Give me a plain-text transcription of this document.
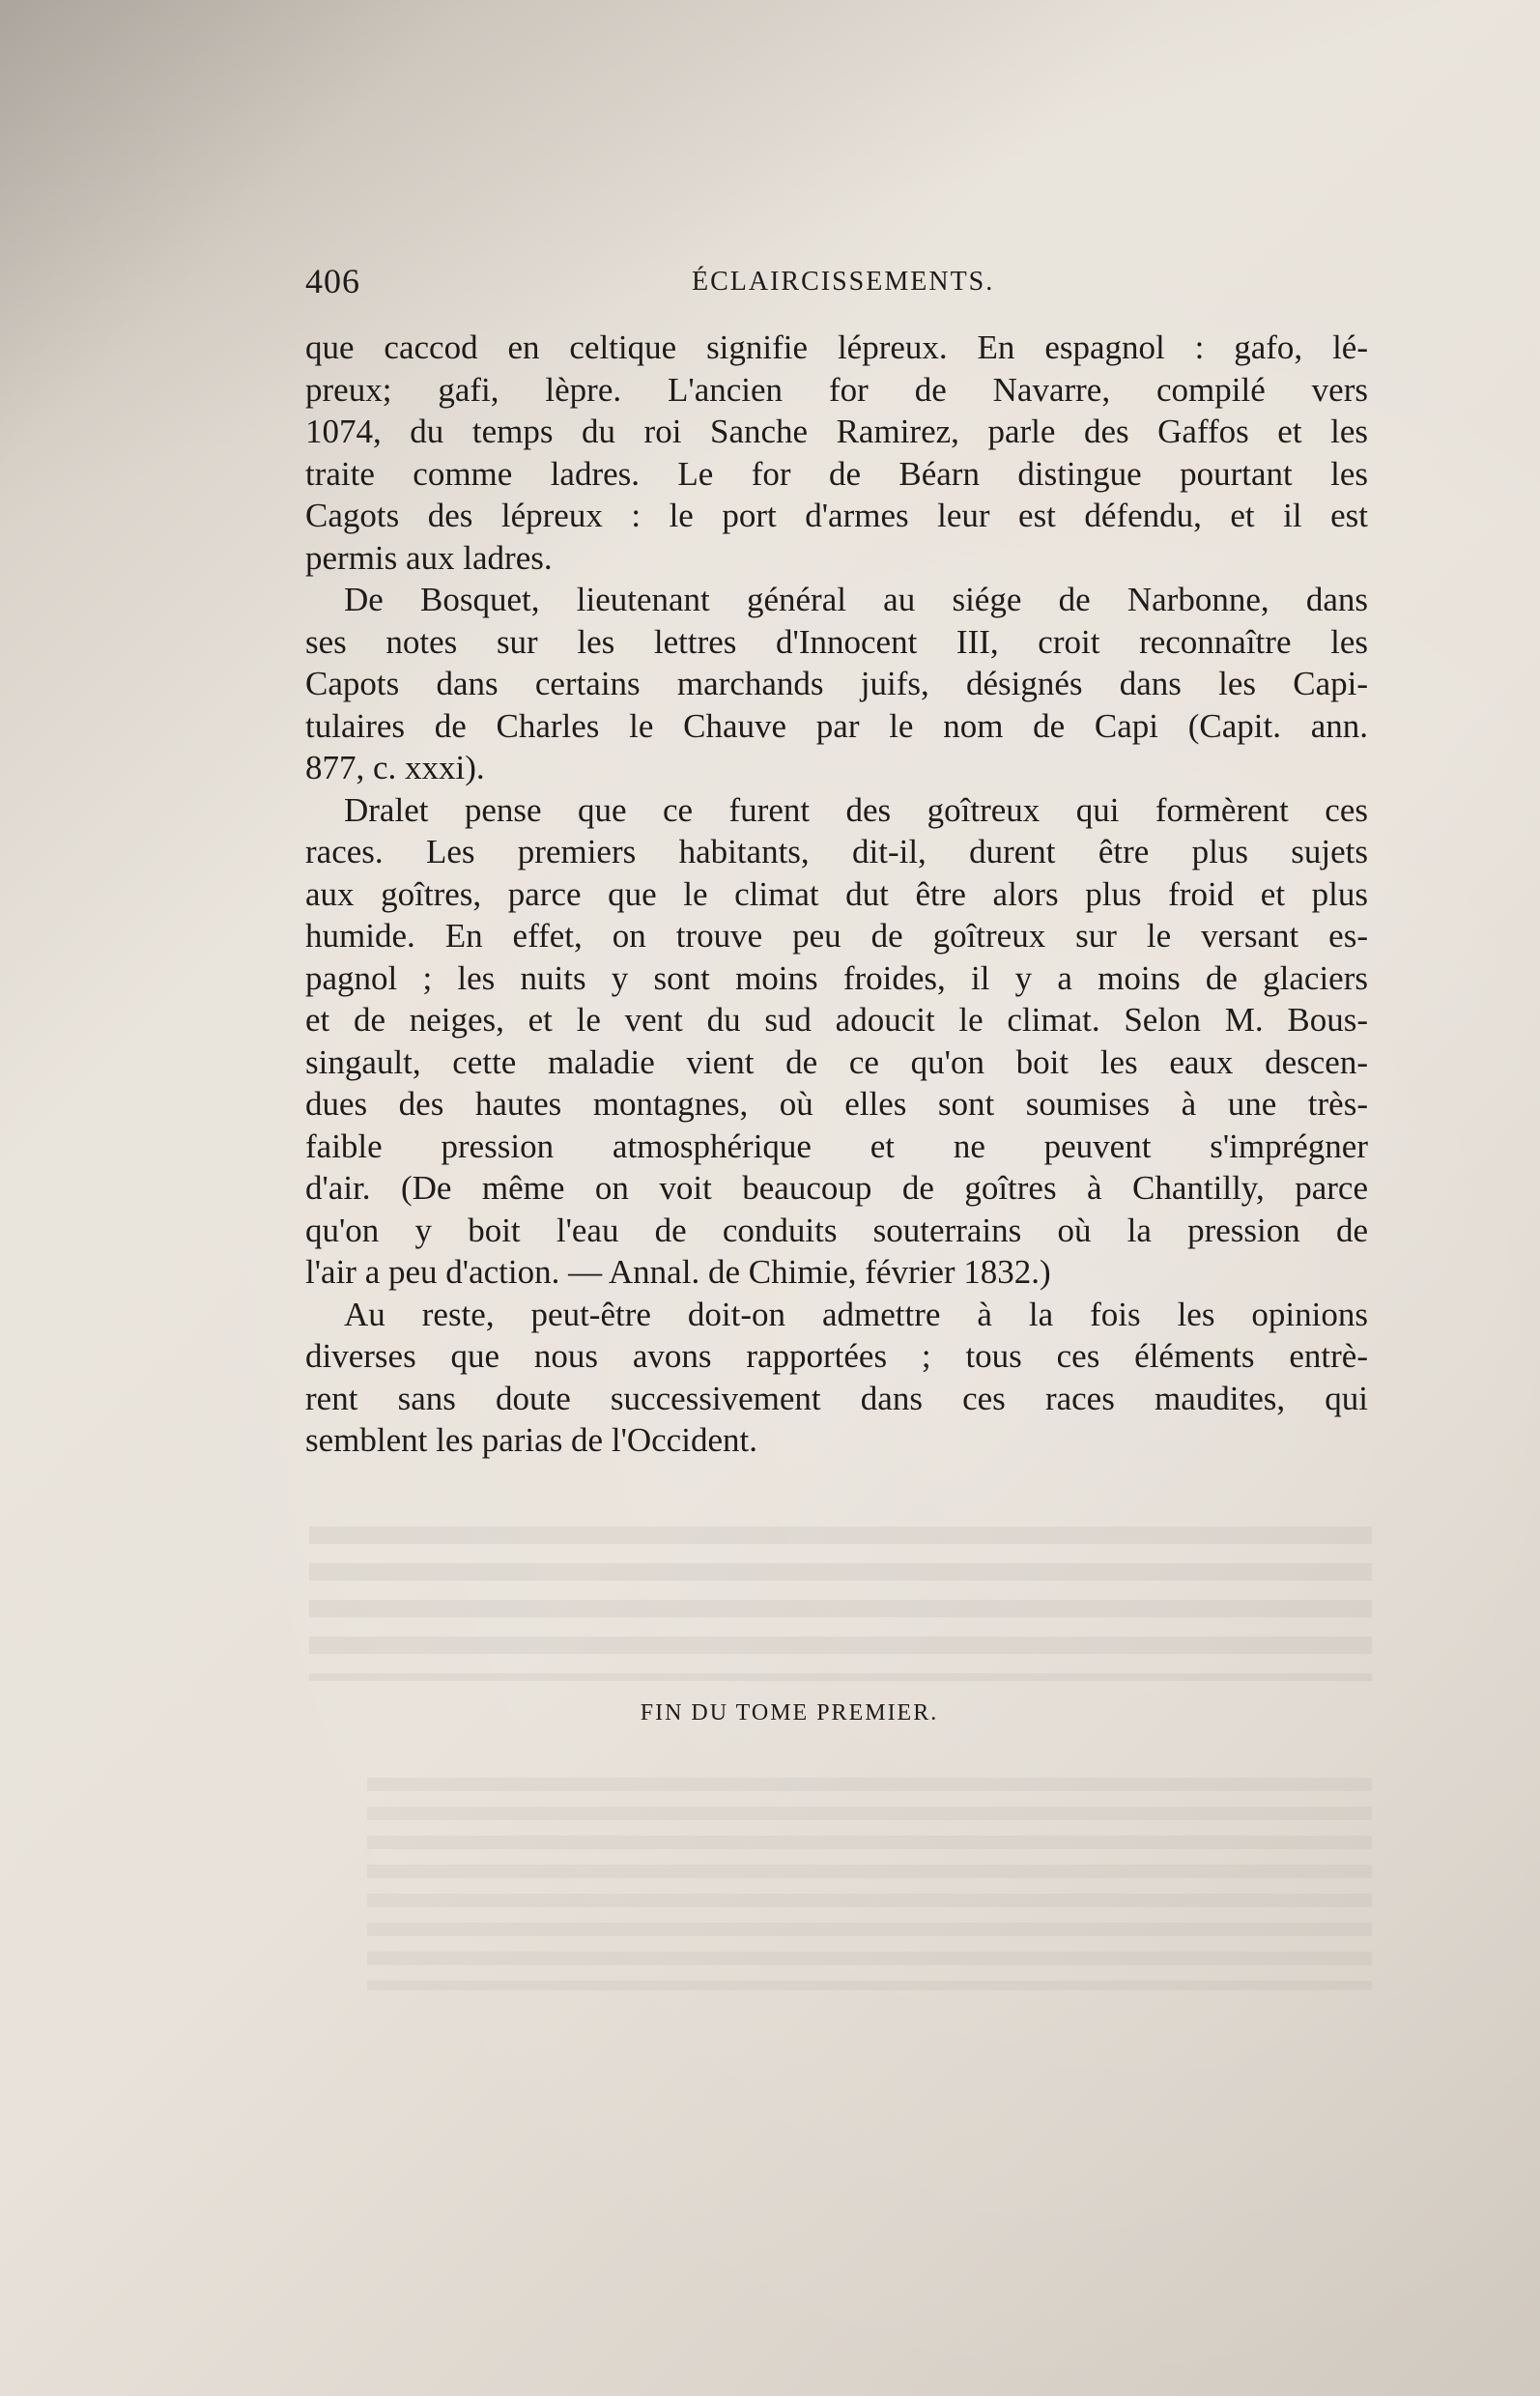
406	ÉCLAIRCISSEMENTS.
que caccod en celtique signifie lépreux. En espagnol : gafo, lé-
preux; gafi, lèpre. L'ancien for de Navarre, compilé vers
1074, du temps du roi Sanche Ramirez, parle des Gaffos et les
traite comme ladres. Le for de Béarn distingue pourtant les
Cagots des lépreux : le port d'armes leur est défendu, et il est
permis aux ladres.
De Bosquet, lieutenant général au siége de Narbonne, dans
ses notes sur les lettres d'Innocent III, croit reconnaître les
Capots dans certains marchands juifs, désignés dans les Capi-
tulaires de Charles le Chauve par le nom de Capi (Capit. ann.
877, c. xxxi).
Dralet pense que ce furent des goîtreux qui formèrent ces
races. Les premiers habitants, dit-il, durent être plus sujets
aux goîtres, parce que le climat dut être alors plus froid et plus
humide. En effet, on trouve peu de goîtreux sur le versant es-
pagnol ; les nuits y sont moins froides, il y a moins de glaciers
et de neiges, et le vent du sud adoucit le climat. Selon M. Bous-
singault, cette maladie vient de ce qu'on boit les eaux descen-
dues des hautes montagnes, où elles sont soumises à une très-
faible pression atmosphérique et ne peuvent s'imprégner
d'air. (De même on voit beaucoup de goîtres à Chantilly, parce
qu'on y boit l'eau de conduits souterrains où la pression de
l'air a peu d'action. — Annal. de Chimie, février 1832.)
Au reste, peut-être doit-on admettre à la fois les opinions
diverses que nous avons rapportées ; tous ces éléments entrè-
rent sans doute successivement dans ces races maudites, qui
semblent les parias de l'Occident.
FIN DU TOME PREMIER.
